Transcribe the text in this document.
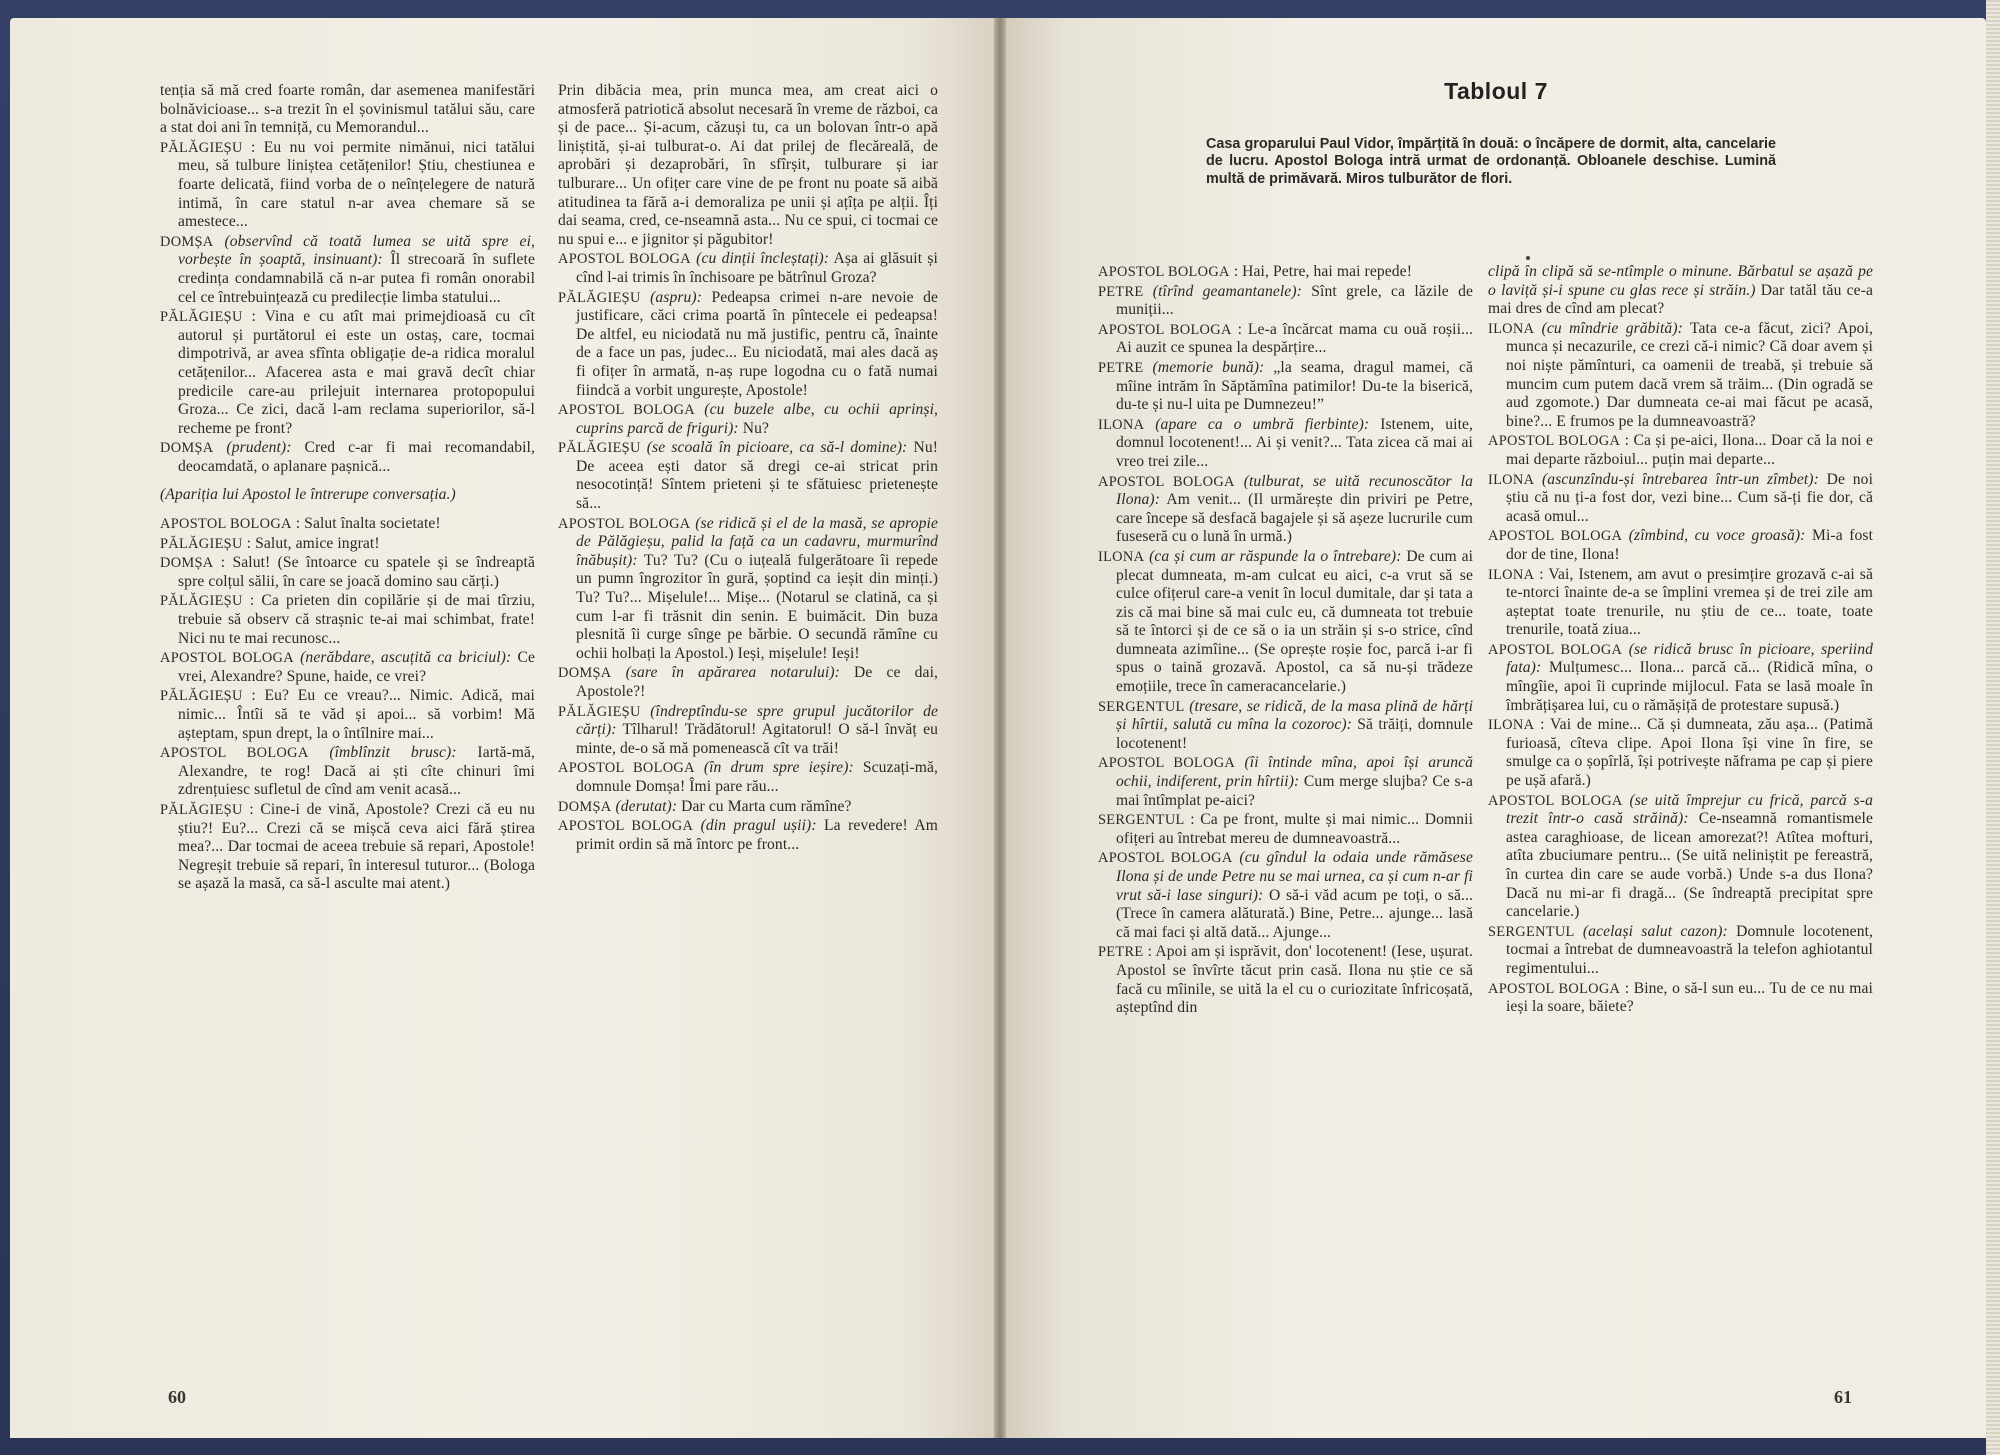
tenția să mă cred foarte român, dar asemenea manifestări bolnăvicioase... s-a trezit în el șovinismul tatălui său, care a stat doi ani în temniță, cu Memorandul...

PĂLĂGIEȘU : Eu nu voi permite nimănui, nici tatălui meu, să tulbure liniștea cetățenilor! Știu, chestiunea e foarte delicată, fiind vorba de o neînțelegere de natură intimă, în care statul n-ar avea chemare să se amestece...

DOMȘA (observînd că toată lumea se uită spre ei, vorbește în șoaptă, insinuant): Îl strecoară în suflete credința condamnabilă că n-ar putea fi român onorabil cel ce întrebuințează cu predilecție limba statului...

PĂLĂGIEȘU : Vina e cu atît mai primejdioasă cu cît autorul și purtătorul ei este un ostaș, care, tocmai dimpotrivă, ar avea sfînta obligație de-a ridica moralul cetățenilor... Afacerea asta e mai gravă decît chiar predicile care-au prilejuit internarea protopopului Groza... Ce zici, dacă l-am reclama superiorilor, să-l recheme pe front?

DOMȘA (prudent): Cred c-ar fi mai recomandabil, deocamdată, o aplanare pașnică...

(Apariția lui Apostol le întrerupe conversația.)

APOSTOL BOLOGA : Salut înalta societate!

PĂLĂGIEȘU : Salut, amice ingrat!

DOMȘA : Salut! (Se întoarce cu spatele și se îndreaptă spre colțul sălii, în care se joacă domino sau cărți.)

PĂLĂGIEȘU : Ca prieten din copilărie și de mai tîrziu, trebuie să observ că strașnic te-ai mai schimbat, frate! Nici nu te mai recunosc...

APOSTOL BOLOGA (nerăbdare, ascuțită ca briciul): Ce vrei, Alexandre? Spune, haide, ce vrei?

PĂLĂGIEȘU : Eu? Eu ce vreau?... Nimic. Adică, mai nimic... Întîi să te văd și apoi... să vorbim! Mă așteptam, spun drept, la o întîlnire mai...

APOSTOL BOLOGA (îmblînzit brusc): Iartă-mă, Alexandre, te rog! Dacă ai ști cîte chinuri îmi zdrențuiesc sufletul de cînd am venit acasă...

PĂLĂGIEȘU : Cine-i de vină, Apostole? Crezi că eu nu știu?! Eu?... Crezi că se mișcă ceva aici fără știrea mea?... Dar tocmai de aceea trebuie să repari, Apostole! Negreșit trebuie să repari, în interesul tuturor... (Bologa se așază la masă, ca să-l asculte mai atent.)

Prin dibăcia mea, prin munca mea, am creat aici o atmosferă patriotică absolut necesară în vreme de război, ca și de pace... Și-acum, căzuși tu, ca un bolovan într-o apă liniștită, și-ai tulburat-o. Ai dat prilej de flecăreală, de aprobări și dezaprobări, în sfîrșit, tulburare și iar tulburare... Un ofițer care vine de pe front nu poate să aibă atitudinea ta fără a-i demoraliza pe unii și ațîța pe alții. Îți dai seama, cred, ce-nseamnă asta... Nu ce spui, ci tocmai ce nu spui e... e jignitor și păgubitor!

APOSTOL BOLOGA (cu dinții încleștați): Așa ai glăsuit și cînd l-ai trimis în închisoare pe bătrînul Groza?

PĂLĂGIEȘU (aspru): Pedeapsa crimei n-are nevoie de justificare, căci crima poartă în pîntecele ei pedeapsa! De altfel, eu niciodată nu mă justific, pentru că, înainte de a face un pas, judec... Eu niciodată, mai ales dacă aș fi ofițer în armată, n-aș rupe logodna cu o fată numai fiindcă a vorbit ungurește, Apostole!

APOSTOL BOLOGA (cu buzele albe, cu ochii aprinși, cuprins parcă de friguri): Nu?

PĂLĂGIEȘU (se scoală în picioare, ca să-l domine): Nu! De aceea ești dator să dregi ce-ai stricat prin nesocotință! Sîntem prieteni și te sfătuiesc prietenește să...

APOSTOL BOLOGA (se ridică și el de la masă, se apropie de Pălăgieșu, palid la față ca un cadavru, murmurînd înăbușit): Tu? Tu? (Cu o iuțeală fulgerătoare îi repede un pumn îngrozitor în gură, șoptind ca ieșit din minți.) Tu? Tu?... Mișelule!... Mișe... (Notarul se clatină, ca și cum l-ar fi trăsnit din senin. E buimăcit. Din buza plesnită îi curge sînge pe bărbie. O secundă rămîne cu ochii holbați la Apostol.) Ieși, mișelule! Ieși!

DOMȘA (sare în apărarea notarului): De ce dai, Apostole?!

PĂLĂGIEȘU (îndreptîndu-se spre grupul jucătorilor de cărți): Tîlharul! Trădătorul! Agitatorul! O să-l învăț eu minte, de-o să mă pomenească cît va trăi!

APOSTOL BOLOGA (în drum spre ieșire): Scuzați-mă, domnule Domșa! Îmi pare rău...

DOMȘA (derutat): Dar cu Marta cum rămîne?

APOSTOL BOLOGA (din pragul ușii): La revedere! Am primit ordin să mă întorc pe front...

60
Tabloul 7
Casa groparului Paul Vidor, împărțită în două: o încăpere de dormit, alta, cancelarie de lucru. Apostol Bologa intră urmat de ordonanță. Obloanele deschise. Lumină multă de primăvară. Miros tulburător de flori.

APOSTOL BOLOGA : Hai, Petre, hai mai repede!

PETRE (tîrînd geamantanele): Sînt grele, ca lăzile de muniții...

APOSTOL BOLOGA : Le-a încărcat mama cu ouă roșii... Ai auzit ce spunea la despărțire...

PETRE (memorie bună): „la seama, dragul mamei, că mîine intrăm în Săptămîna patimilor! Du-te la biserică, du-te și nu-l uita pe Dumnezeu!”

ILONA (apare ca o umbră fierbinte): Istenem, uite, domnul locotenent!... Ai și venit?... Tata zicea că mai ai vreo trei zile...

APOSTOL BOLOGA (tulburat, se uită recunoscător la Ilona): Am venit... (Il urmărește din priviri pe Petre, care începe să desfacă bagajele și să așeze lucrurile cum fuseseră cu o lună în urmă.)

ILONA (ca și cum ar răspunde la o întrebare): De cum ai plecat dumneata, m-am culcat eu aici, c-a vrut să se culce ofițerul care-a venit în locul dumitale, dar și tata a zis că mai bine să mai culc eu, că dumneata tot trebuie să te întorci și de ce să o ia un străin și s-o strice, cînd dumneata azimîine... (Se oprește roșie foc, parcă i-ar fi spus o taină grozavă. Apostol, ca să nu-și trădeze emoțiile, trece în cameracancelarie.)

SERGENTUL (tresare, se ridică, de la masa plină de hărți și hîrtii, salută cu mîna la cozoroc): Să trăiți, domnule locotenent!

APOSTOL BOLOGA (îi întinde mîna, apoi își aruncă ochii, indiferent, prin hîrtii): Cum merge slujba? Ce s-a mai întîmplat pe-aici?

SERGENTUL : Ca pe front, multe și mai nimic... Domnii ofițeri au întrebat mereu de dumneavoastră...

APOSTOL BOLOGA (cu gîndul la odaia unde rămăsese Ilona și de unde Petre nu se mai urnea, ca și cum n-ar fi vrut să-i lase singuri): O să-i văd acum pe toți, o să... (Trece în camera alăturată.) Bine, Petre... ajunge... lasă că mai faci și altă dată... Ajunge...

PETRE : Apoi am și isprăvit, don' locotenent! (Iese, ușurat. Apostol se învîrte tăcut prin casă. Ilona nu știe ce să facă cu mîinile, se uită la el cu o curiozitate înfricoșată, așteptînd din

clipă în clipă să se-ntîmple o minune. Bărbatul se așază pe o laviță și-i spune cu glas rece și străin.) Dar tatăl tău ce-a mai dres de cînd am plecat?

ILONA (cu mîndrie grăbită): Tata ce-a făcut, zici? Apoi, munca și necazurile, ce crezi că-i nimic? Că doar avem și noi niște pămînturi, ca oamenii de treabă, și trebuie să muncim cum putem dacă vrem să trăim... (Din ogradă se aud zgomote.) Dar dumneata ce-ai mai făcut pe acasă, bine?... E frumos pe la dumneavoastră?

APOSTOL BOLOGA : Ca și pe-aici, Ilona... Doar că la noi e mai departe războiul... puțin mai departe...

ILONA (ascunzîndu-și întrebarea într-un zîmbet): De noi știu că nu ți-a fost dor, vezi bine... Cum să-ți fie dor, că acasă omul...

APOSTOL BOLOGA (zîmbind, cu voce groasă): Mi-a fost dor de tine, Ilona!

ILONA : Vai, Istenem, am avut o presimțire grozavă c-ai să te-ntorci înainte de-a se împlini vremea și de trei zile am așteptat toate trenurile, nu știu de ce... toate, toate trenurile, toată ziua...

APOSTOL BOLOGA (se ridică brusc în picioare, speriind fata): Mulțumesc... Ilona... parcă că... (Ridică mîna, o mîngîie, apoi îi cuprinde mijlocul. Fata se lasă moale în îmbrățișarea lui, cu o rămășiță de protestare supusă.)

ILONA : Vai de mine... Că și dumneata, zău așa... (Patimă furioasă, cîteva clipe. Apoi Ilona își vine în fire, se smulge ca o șopîrlă, își potrivește năframa pe cap și piere pe ușă afară.)

APOSTOL BOLOGA (se uită împrejur cu frică, parcă s-a trezit într-o casă străină): Ce-nseamnă romantismele astea caraghioase, de licean amorezat?! Atîtea mofturi, atîta zbuciumare pentru... (Se uită neliniștit pe fereastră, în curtea din care se aude vorbă.) Unde s-a dus Ilona? Dacă nu mi-ar fi dragă... (Se îndreaptă precipitat spre cancelarie.)

SERGENTUL (același salut cazon): Domnule locotenent, tocmai a întrebat de dumneavoastră la telefon aghiotantul regimentului...

APOSTOL BOLOGA : Bine, o să-l sun eu... Tu de ce nu mai ieși la soare, băiete?

61
